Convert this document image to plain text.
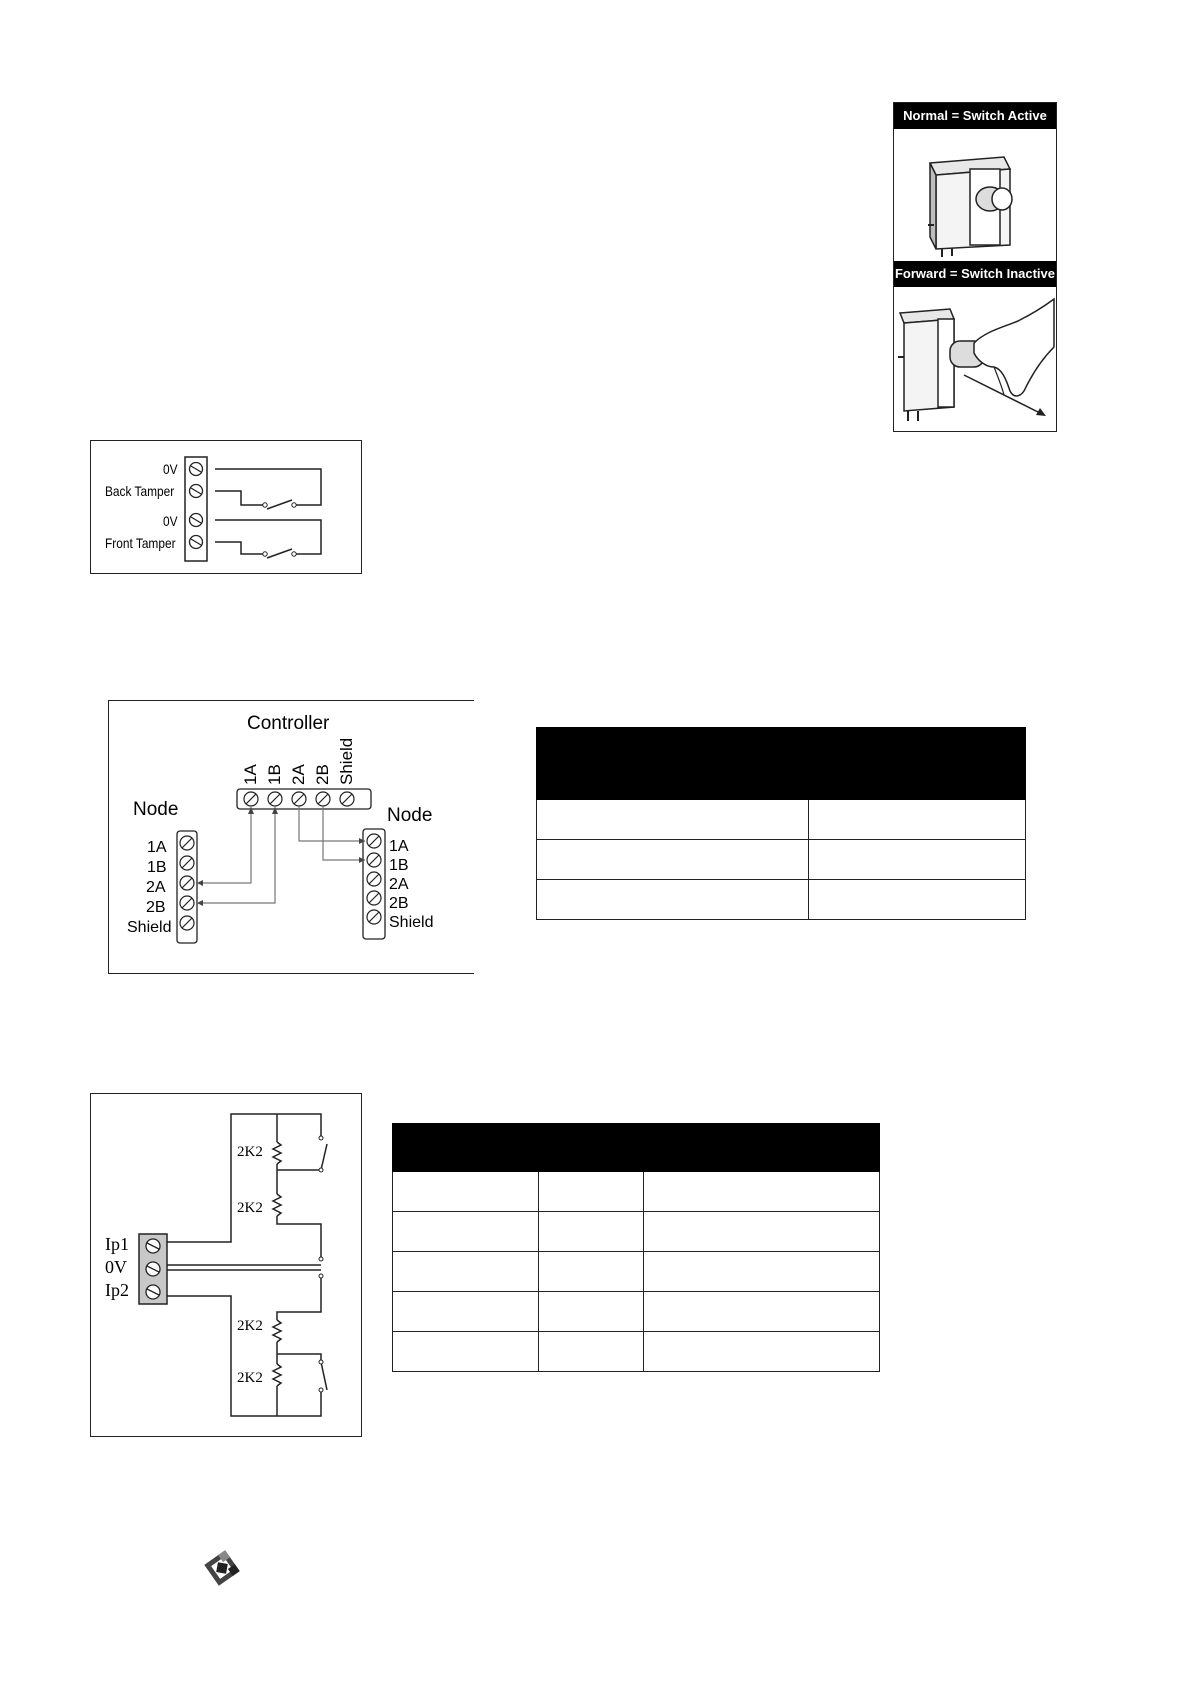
Normal = Switch Active
Forward = Switch Inactive
0V
Back Tamper
0V
Front Tamper
Controller
Node	Node
1A 1B 2A 2B Shield
1A
1B
2A
2B
Shield
1A
1B
2A
2B
Shield

Ip1
0V
Ip2
2K2
2K2
2K2
2K2
